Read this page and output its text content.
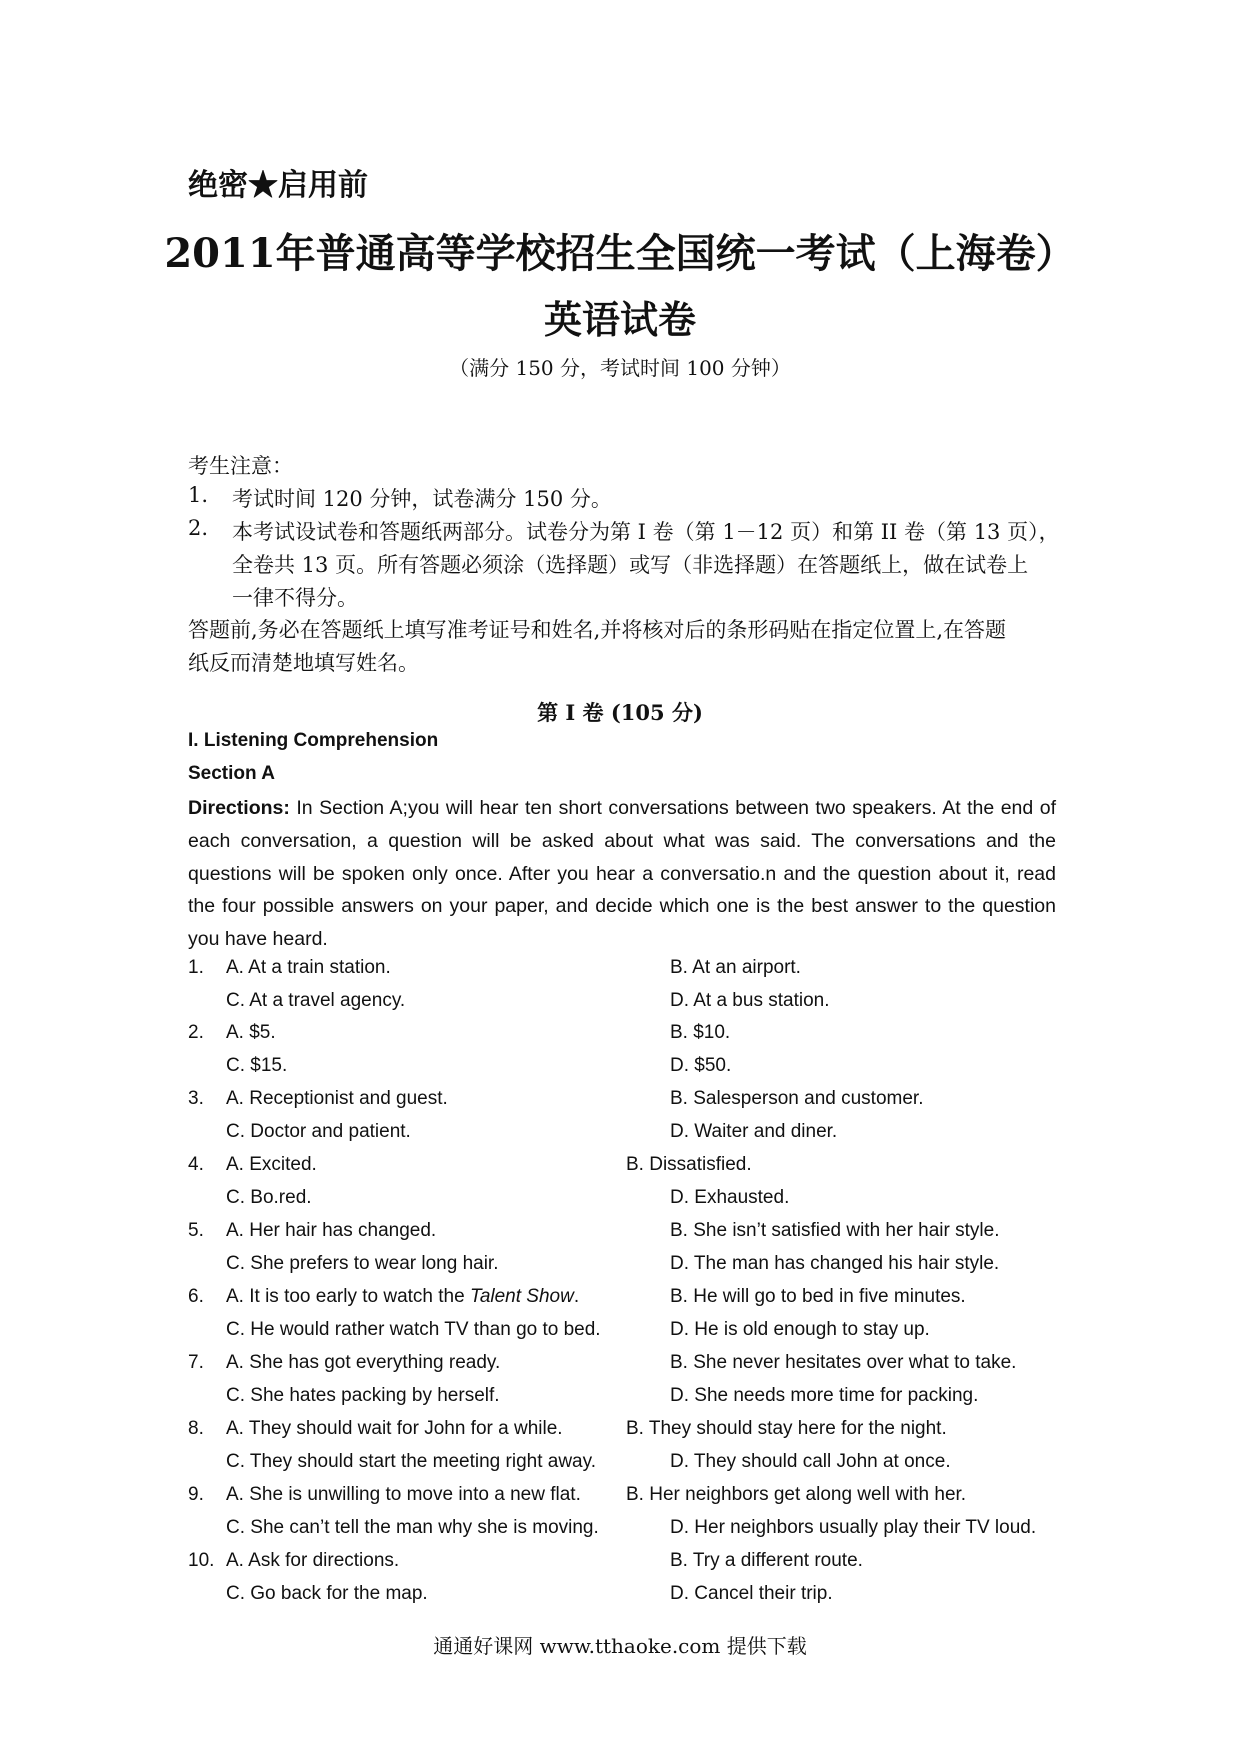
绝密★启用前
2011年普通高等学校招生全国统一考试（上海卷）
英语试卷
（满分 150 分，考试时间 100 分钟）
考生注意：
1. 考试时间 120 分钟，试卷满分 150 分。
2. 本考试设试卷和答题纸两部分。试卷分为第 I 卷（第 1－12 页）和第 II 卷（第 13 页），
全卷共 13 页。所有答题必须涂（选择题）或写（非选择题）在答题纸上，做在试卷上
一律不得分。
答题前,务必在答题纸上填写准考证号和姓名,并将核对后的条形码贴在指定位置上,在答题
纸反而清楚地填写姓名。
第 I 卷 (105 分)
I. Listening Comprehension
Section A

Directions: In Section A;you will hear ten short conversations between two speakers. At the end of each conversation, a question will be asked about what was said. The conversations and the questions will be spoken only once. After you hear a conversatio.n and the question about it, read the four possible answers on your paper, and decide which one is the best answer to the question you have heard.

1. A. At a train station.	B. At an airport.
C. At a travel agency.	D. At a bus station.
2. A. $5.	B. $10.
C. $15.	D. $50.
3. A. Receptionist and guest.	B. Salesperson and customer.
C. Doctor and patient.	D. Waiter and diner.
4. A. Excited.	B. Dissatisfied.
C. Bo.red.	D. Exhausted.
5. A. Her hair has changed.	B. She isn’t satisfied with her hair style.
C. She prefers to wear long hair.	D. The man has changed his hair style.
6. A. It is too early to watch the Talent Show.	B. He will go to bed in five minutes.
C. He would rather watch TV than go to bed.	D. He is old enough to stay up.
7. A. She has got everything ready.	B. She never hesitates over what to take.
C. She hates packing by herself.	D. She needs more time for packing.
8. A. They should wait for John for a while.	B. They should stay here for the night.
C. They should start the meeting right away.	D. They should call John at once.
9. A. She is unwilling to move into a new flat. B. Her neighbors get along well with her.
C. She can’t tell the man why she is moving.	D. Her neighbors usually play their TV loud.
10. A. Ask for directions.	B. Try a different route.
C. Go back for the map.	D. Cancel their trip.
通通好课网 www.tthaoke.com 提供下载
